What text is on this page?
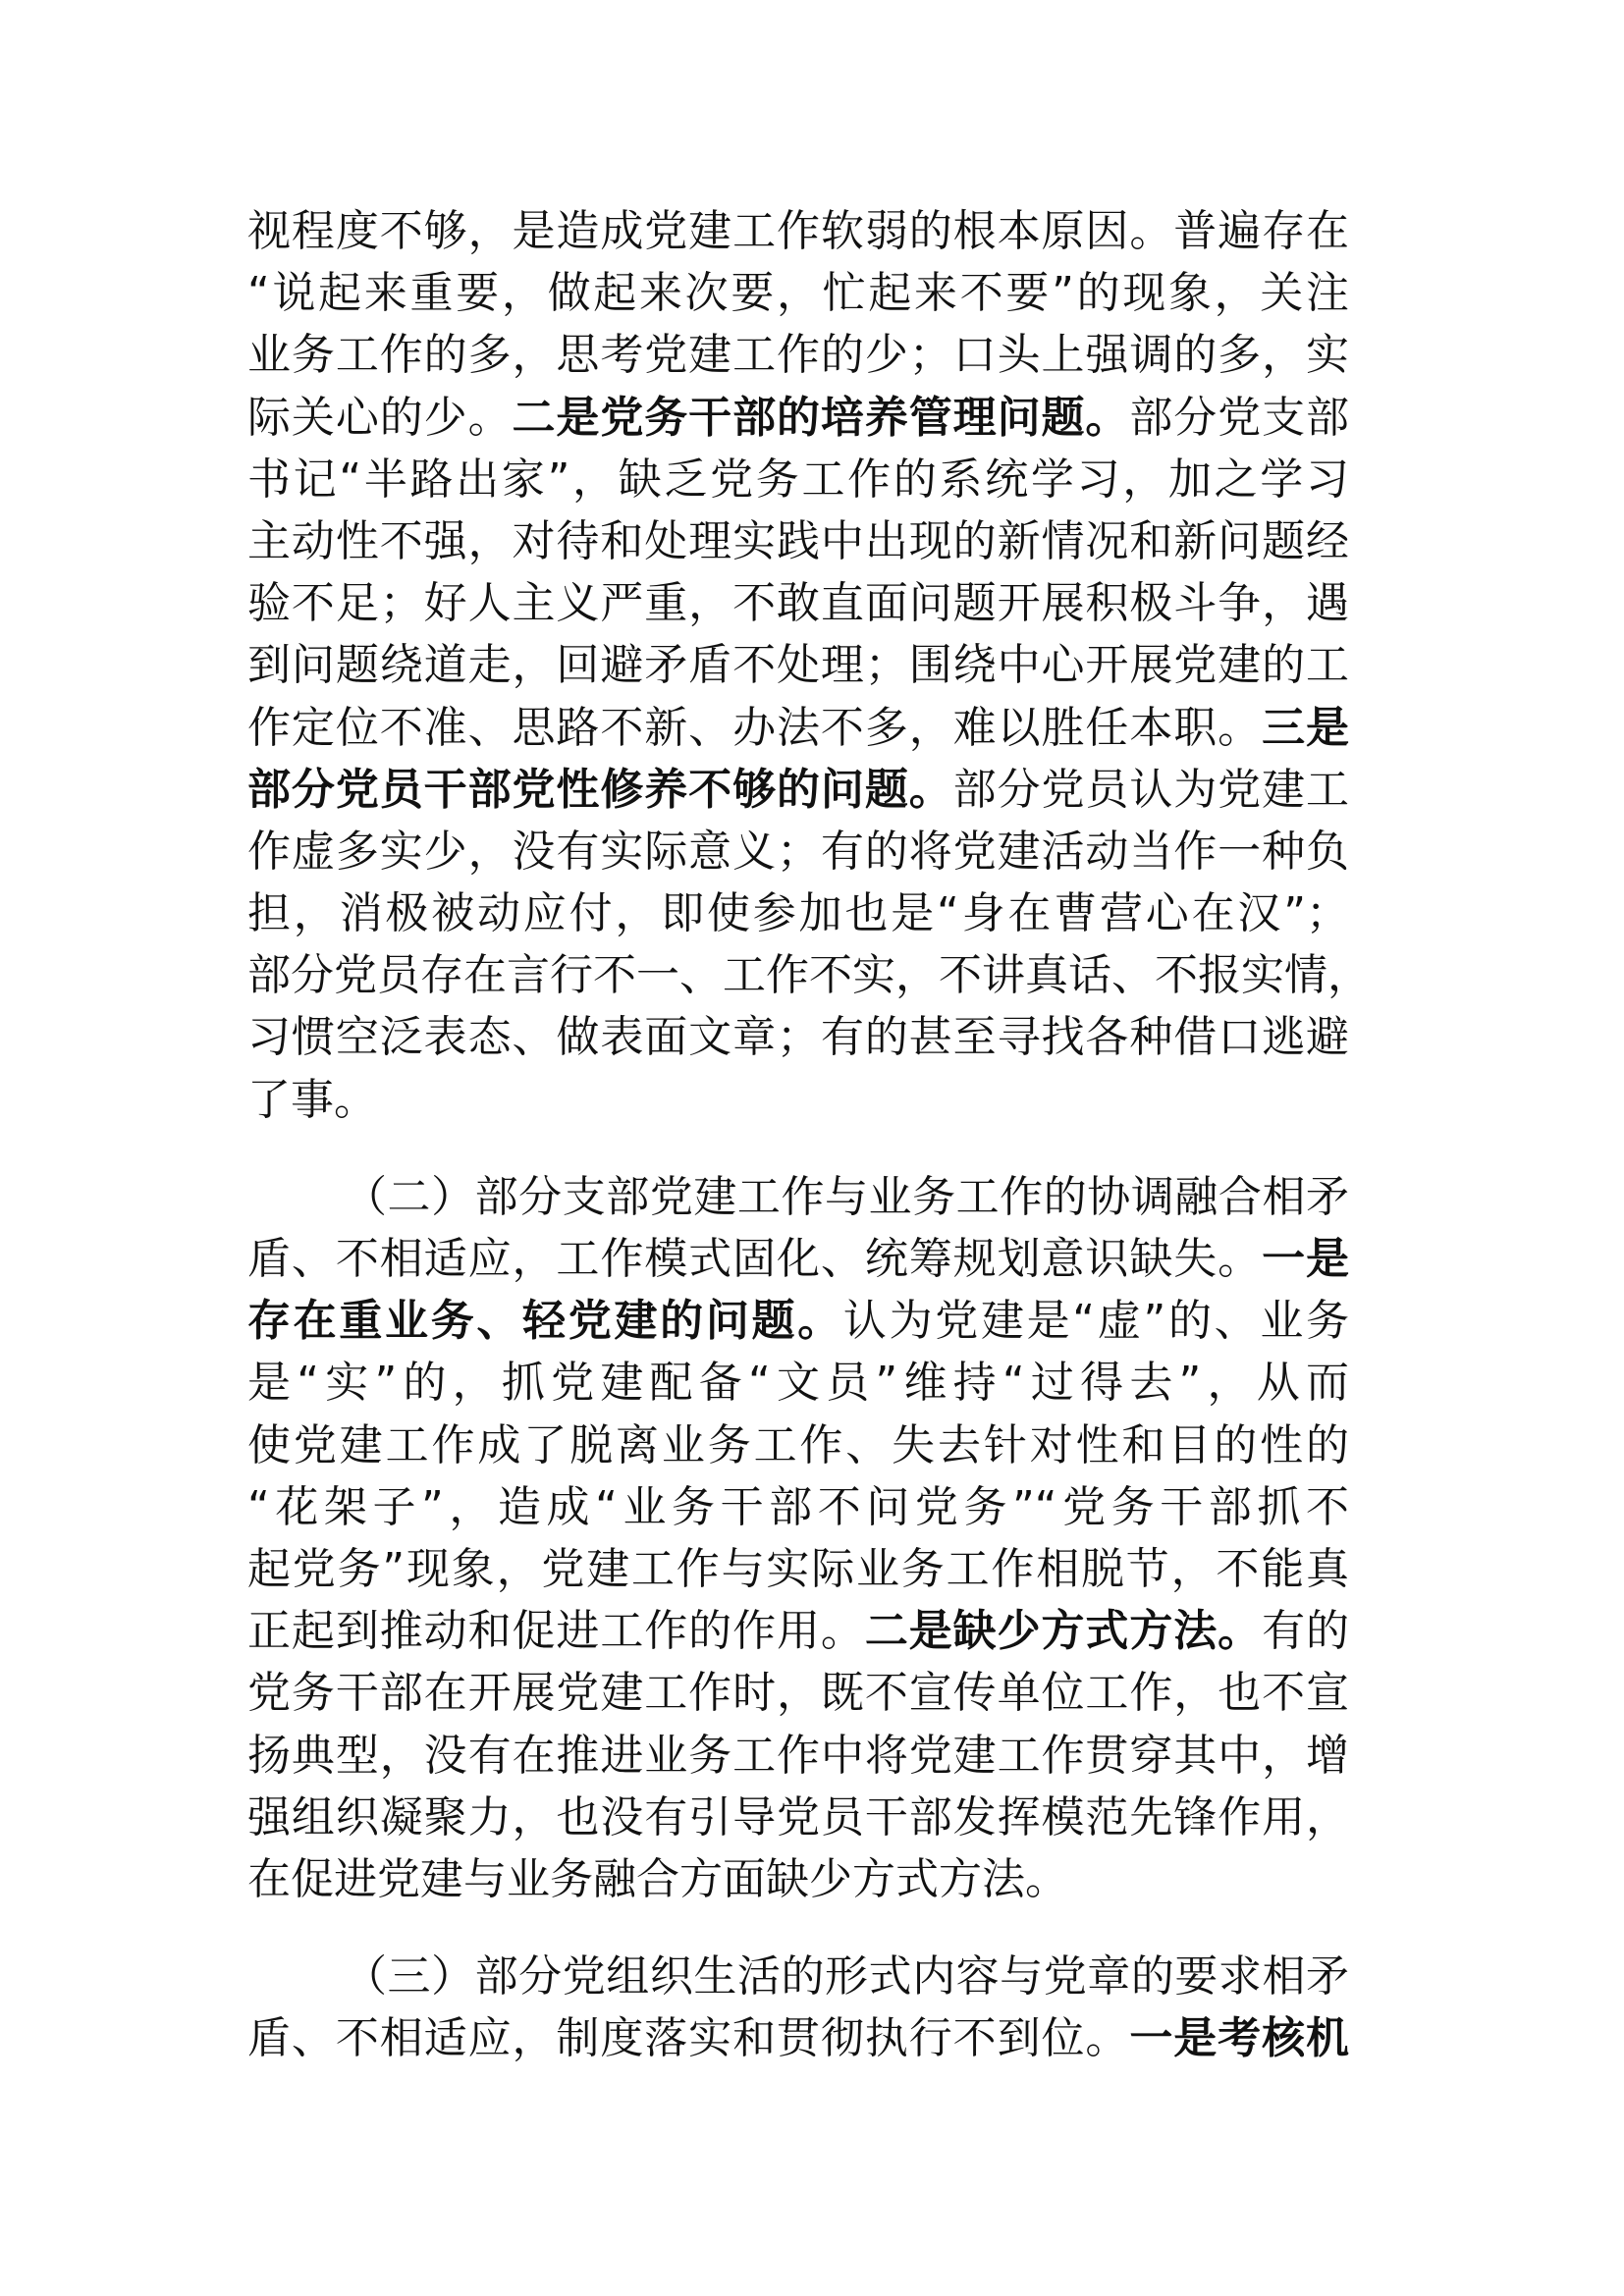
视程度不够，是造成党建工作软弱的根本原因。普遍存在
“说起来重要，做起来次要，忙起来不要”的现象，关注
业务工作的多，思考党建工作的少；口头上强调的多，实
际关心的少。二是党务干部的培养管理问题。部分党支部
书记“半路出家”，缺乏党务工作的系统学习，加之学习
主动性不强，对待和处理实践中出现的新情况和新问题经
验不足；好人主义严重，不敢直面问题开展积极斗争，遇
到问题绕道走，回避矛盾不处理；围绕中心开展党建的工
作定位不准、思路不新、办法不多，难以胜任本职。三是
部分党员干部党性修养不够的问题。部分党员认为党建工
作虚多实少，没有实际意义；有的将党建活动当作一种负
担，消极被动应付，即使参加也是“身在曹营心在汉”；
部分党员存在言行不一、工作不实，不讲真话、不报实情，
习惯空泛表态、做表面文章；有的甚至寻找各种借口逃避
了事。
（二）部分支部党建工作与业务工作的协调融合相矛
盾、不相适应，工作模式固化、统筹规划意识缺失。一是
存在重业务、轻党建的问题。认为党建是“虚”的、业务
是“实”的，抓党建配备“文员”维持“过得去”，从而
使党建工作成了脱离业务工作、失去针对性和目的性的
“花架子”，造成“业务干部不问党务”“党务干部抓不
起党务”现象，党建工作与实际业务工作相脱节，不能真
正起到推动和促进工作的作用。二是缺少方式方法。有的
党务干部在开展党建工作时，既不宣传单位工作，也不宣
扬典型，没有在推进业务工作中将党建工作贯穿其中，增
强组织凝聚力，也没有引导党员干部发挥模范先锋作用，
在促进党建与业务融合方面缺少方式方法。
（三）部分党组织生活的形式内容与党章的要求相矛
盾、不相适应，制度落实和贯彻执行不到位。一是考核机
